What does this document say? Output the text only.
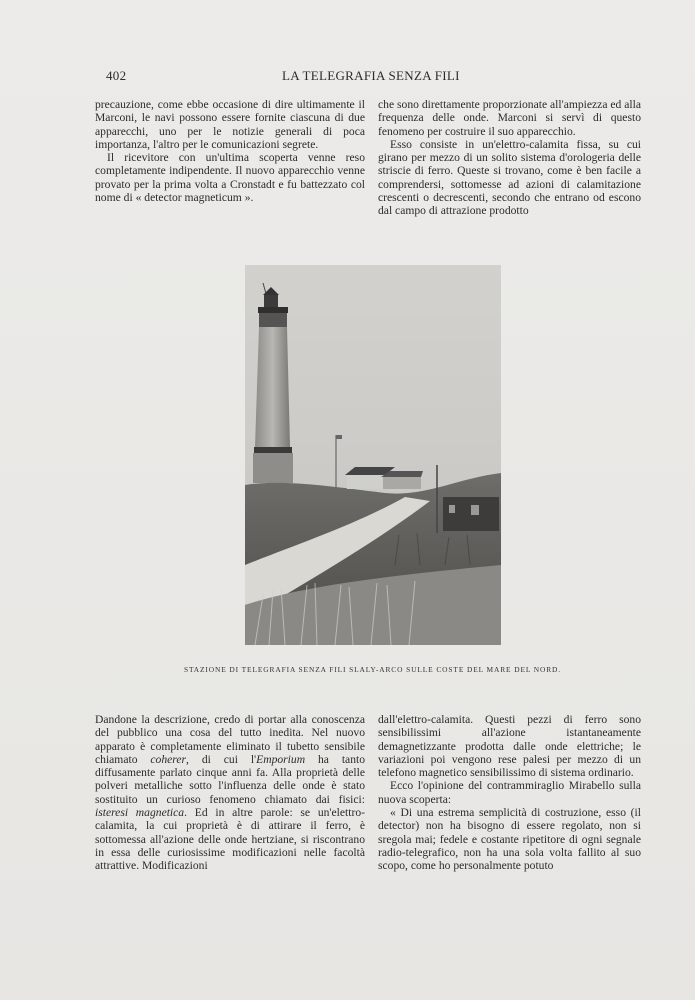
402	LA TELEGRAFIA SENZA FILI

precauzione, come ebbe occasione di dire ultimamente il Marconi, le navi possono essere fornite ciascuna di due apparecchi, uno per le notizie generali di poca importanza, l'altro per le comunicazioni segrete.

Il ricevitore con un'ultima scoperta venne reso completamente indipendente. Il nuovo apparecchio venne provato per la prima volta a Cronstadt e fu battezzato col nome di « detector magneticum ».

che sono direttamente proporzionate all'ampiezza ed alla frequenza delle onde. Marconi si servì di questo fenomeno per costruire il suo apparecchio.

Esso consiste in un'elettro-calamita fissa, su cui girano per mezzo di un solito sistema d'orologeria delle striscie di ferro. Queste si trovano, come è ben facile a comprendersi, sottomesse ad azioni di calamitazione crescenti o decrescenti, secondo che entrano od escono dal campo di attrazione prodotto

STAZIONE DI TELEGRAFIA SENZA FILI SLALY-ARCO SULLE COSTE DEL MARE DEL NORD.

Dandone la descrizione, credo di portar alla conoscenza del pubblico una cosa del tutto inedita. Nel nuovo apparato è completamente eliminato il tubetto sensibile chiamato coherer, di cui l'Emporium ha tanto diffusamente parlato cinque anni fa. Alla proprietà delle polveri metalliche sotto l'influenza delle onde è stato sostituito un curioso fenomeno chiamato dai fisici: isteresi magnetica. Ed in altre parole: se un'elettro-calamita, la cui proprietà è di attirare il ferro, è sottomessa all'azione delle onde hertziane, si riscontrano in essa delle curiosissime modificazioni nelle facoltà attrattive. Modificazioni

dall'elettro-calamita. Questi pezzi di ferro sono sensibilissimi all'azione istantaneamente demagnetizzante prodotta dalle onde elettriche; le variazioni poi vengono rese palesi per mezzo di un telefono magnetico sensibilissimo di sistema ordinario.

Ecco l'opinione del contrammiraglio Mirabello sulla nuova scoperta:

« Di una estrema semplicità di costruzione, esso (il detector) non ha bisogno di essere regolato, non si sregola mai; fedele e costante ripetitore di ogni segnale radio-telegrafico, non ha una sola volta fallito al suo scopo, come ho personalmente potuto
